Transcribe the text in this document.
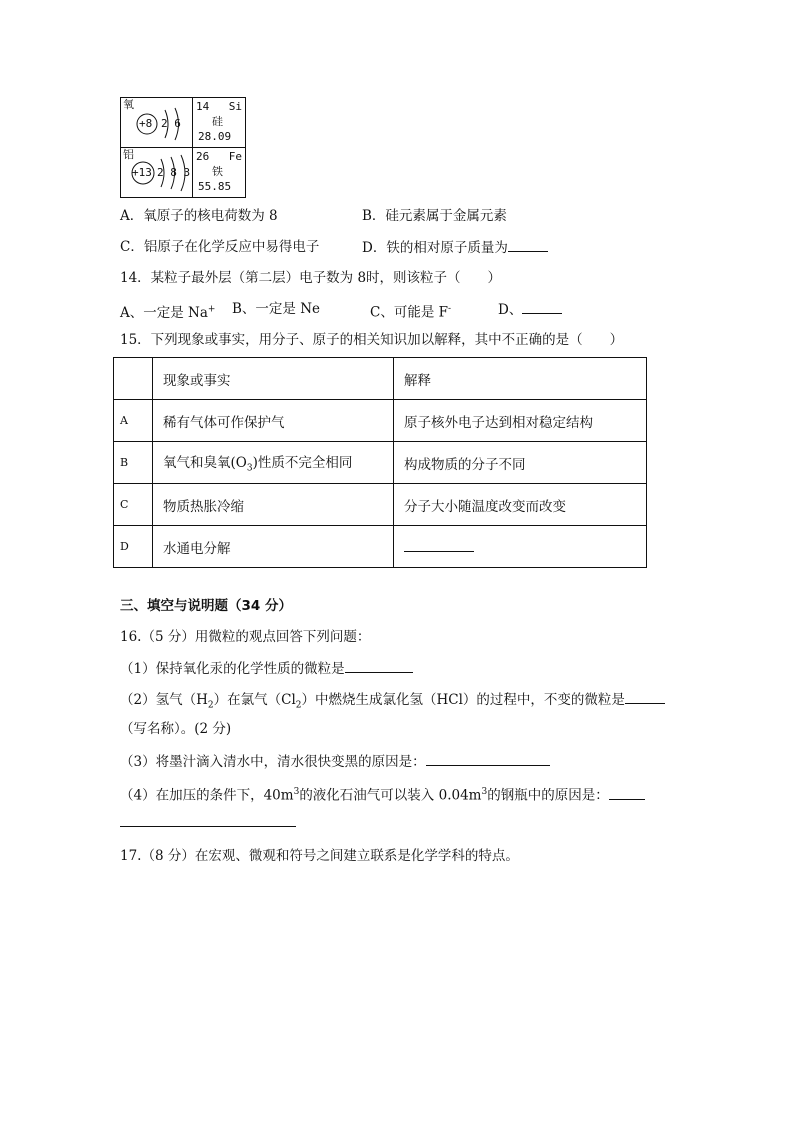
氧
+8 2 6
14 Si
硅
28.09
铝
+13 2 8 3
26 Fe
铁
55.85
A．氧原子的核电荷数为 8	B．硅元素属于金属元素
C．铝原子在化学反应中易得电子	D．铁的相对原子质量为
14．某粒子最外层（第二层）电子数为 8时，则该粒子（　　）
A、一定是 Na+ B、一定是 Ne	C、可能是 F-	D、
15．下列现象或事实，用分子、原子的相关知识加以解释，其中不正确的是（　　）
	现象或事实	解释
A	稀有气体可作保护气	原子核外电子达到相对稳定结构
B	氧气和臭氧$(O_3)$性质不完全相同	构成物质的分子不同
C	物质热胀冷缩	分子大小随温度改变而改变
D	水通电分解	
三、填空与说明题（34 分）
16.（5 分）用微粒的观点回答下列问题：
（1）保持氧化汞的化学性质的微粒是
（2）氢气$(H_2)$在氯气$(Cl_2)$中燃烧生成氯化氢（HCl）的过程中，不变的微粒是
（写名称）。(2 分)
（3）将墨汁滴入清水中，清水很快变黑的原因是：
（4）在加压的条件下，$40m^3$的液化石油气可以装入 $0.04m^3$的钢瓶中的原因是：
17.（8 分）在宏观、微观和符号之间建立联系是化学学科的特点。
